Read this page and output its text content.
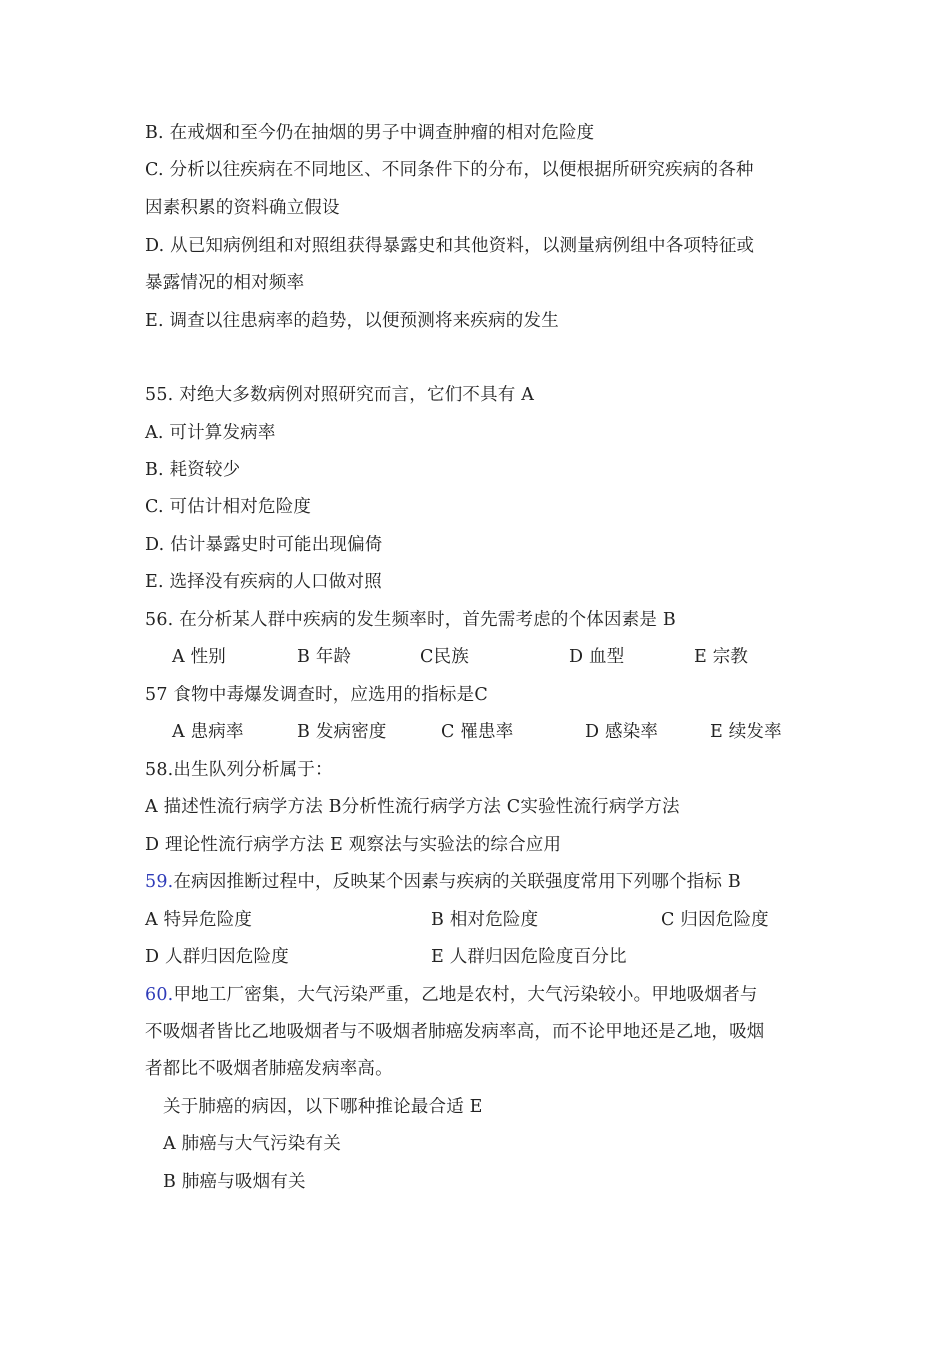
B. 在戒烟和至今仍在抽烟的男子中调查肿瘤的相对危险度
C. 分析以往疾病在不同地区、不同条件下的分布，以便根据所研究疾病的各种
因素积累的资料确立假设
D. 从已知病例组和对照组获得暴露史和其他资料，以测量病例组中各项特征或
暴露情况的相对频率
E. 调查以往患病率的趋势，以便预测将来疾病的发生
55. 对绝大多数病例对照研究而言，它们不具有 A
A. 可计算发病率
B. 耗资较少
C. 可估计相对危险度
D. 估计暴露史时可能出现偏倚
E. 选择没有疾病的人口做对照
56. 在分析某人群中疾病的发生频率时，首先需考虑的个体因素是 B
A 性别	B 年龄	C民族	D 血型	E 宗教
57 食物中毒爆发调查时，应选用的指标是C
A 患病率	B 发病密度	C 罹患率	D 感染率	E 续发率
58.出生队列分析属于：
A 描述性流行病学方法 B分析性流行病学方法 C实验性流行病学方法
D 理论性流行病学方法 E 观察法与实验法的综合应用
59.在病因推断过程中，反映某个因素与疾病的关联强度常用下列哪个指标 B
A 特异危险度	B 相对危险度	C 归因危险度
D 人群归因危险度	E 人群归因危险度百分比
60.甲地工厂密集，大气污染严重，乙地是农村，大气污染较小。甲地吸烟者与
不吸烟者皆比乙地吸烟者与不吸烟者肺癌发病率高，而不论甲地还是乙地，吸烟
者都比不吸烟者肺癌发病率高。
关于肺癌的病因，以下哪种推论最合适 E
A 肺癌与大气污染有关
B 肺癌与吸烟有关
